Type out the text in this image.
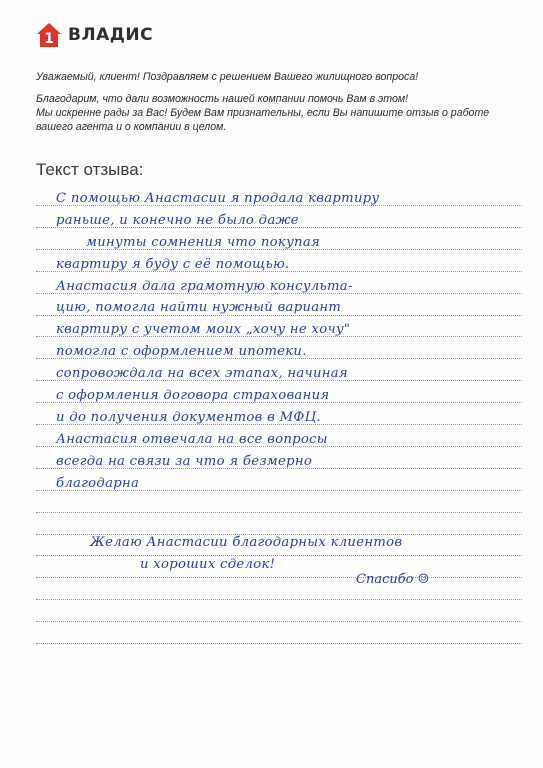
1 ВЛАДИС

Уважаемый, клиент! Поздравляем с решением Вашего жилищного вопроса!

Благодарим, что дали возможность нашей компании помочь Вам в этом!

Мы искренне рады за Вас! Будем Вам признательны, если Вы напишите отзыв о работе

вашего агента и о компании в целом.

Текст отзыва:
С помощью Анастасии я продала квартиру
раньше, и конечно не было даже
минуты сомнения что покупая
квартиру я буду с её помощью.
Анастасия дала грамотную консульта-
цию, помогла найти нужный вариант
квартиру с учетом моих „хочу не хочу"
помогла с оформлением ипотеки.
сопровождала на всех этапах, начиная
с оформления договора страхования
и до получения документов в МФЦ.
Анастасия отвечала на все вопросы
всегда на связи за что я безмерно
благодарна
Желаю Анастасии благодарных клиентов
и хороших сделок!
Спасибо ☺
